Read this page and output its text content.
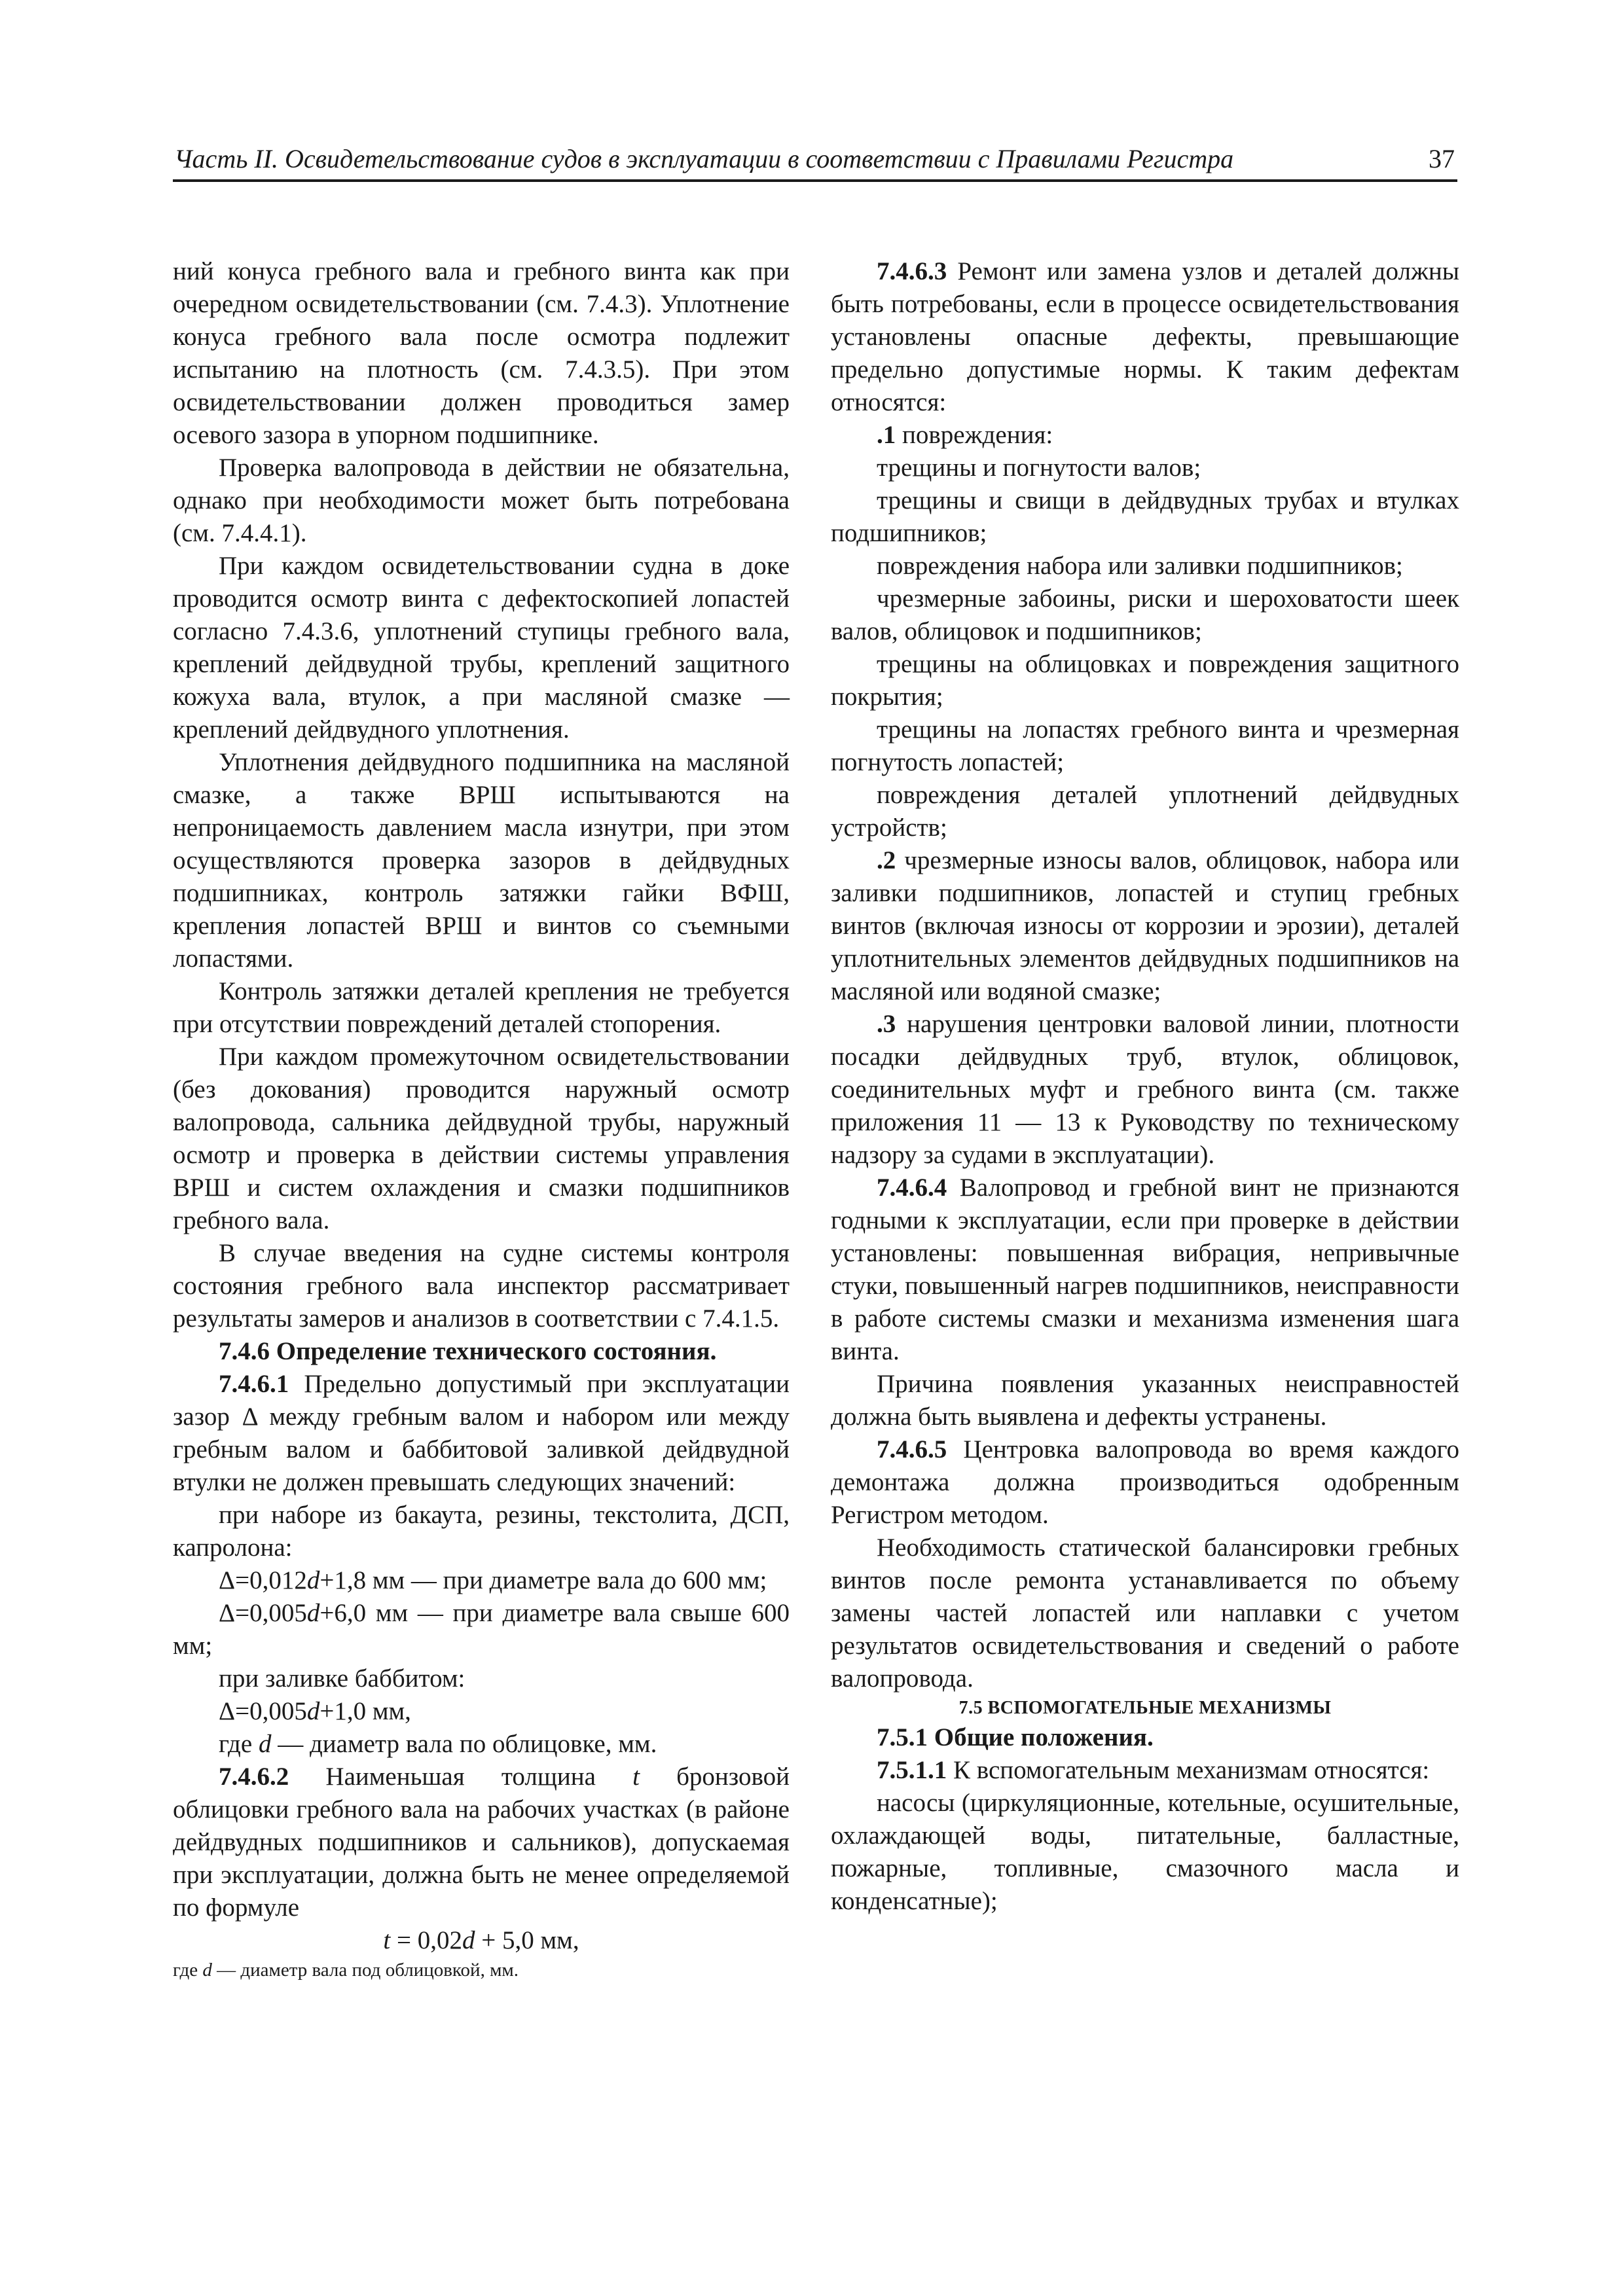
Часть II. Освидетельствование судов в эксплуатации в соответствии с Правилами Регистра	37

ний конуса гребного вала и гребного винта как при очередном освидетельствовании (см. 7.4.3). Уплотнение конуса гребного вала после осмотра подлежит испытанию на плотность (см. 7.4.3.5). При этом освидетельствовании должен проводиться замер осевого зазора в упорном подшипнике.

Проверка валопровода в действии не обязательна, однако при необходимости может быть потребована (см. 7.4.4.1).

При каждом освидетельствовании судна в доке проводится осмотр винта с дефектоскопией лопастей согласно 7.4.3.6, уплотнений ступицы гребного вала, креплений дейдвудной трубы, креплений защитного кожуха вала, втулок, а при масляной смазке — креплений дейдвудного уплотнения.

Уплотнения дейдвудного подшипника на масляной смазке, а также ВРШ испытываются на непроницаемость давлением масла изнутри, при этом осуществляются проверка зазоров в дейдвудных подшипниках, контроль затяжки гайки ВФШ, крепления лопастей ВРШ и винтов со съемными лопастями.

Контроль затяжки деталей крепления не требуется при отсутствии повреждений деталей стопорения.

При каждом промежуточном освидетельствовании (без докования) проводится наружный осмотр валопровода, сальника дейдвудной трубы, наружный осмотр и проверка в действии системы управления ВРШ и систем охлаждения и смазки подшипников гребного вала.

В случае введения на судне системы контроля состояния гребного вала инспектор рассматривает результаты замеров и анализов в соответствии с 7.4.1.5.

7.4.6 Определение технического состояния.

7.4.6.1 Предельно допустимый при эксплуатации зазор Δ между гребным валом и набором или между гребным валом и баббитовой заливкой дейдвудной втулки не должен превышать следующих значений:

при наборе из бакаута, резины, текстолита, ДСП, капролона:

Δ=0,012d+1,8 мм — при диаметре вала до 600 мм;

Δ=0,005d+6,0 мм — при диаметре вала свыше 600 мм;

при заливке баббитом:

Δ=0,005d+1,0 мм,

где d — диаметр вала по облицовке, мм.

7.4.6.2 Наименьшая толщина t бронзовой облицовки гребного вала на рабочих участках (в районе дейдвудных подшипников и сальников), допускаемая при эксплуатации, должна быть не менее определяемой по формуле

t = 0,02d + 5,0 мм,

где d — диаметр вала под облицовкой, мм.

7.4.6.3 Ремонт или замена узлов и деталей должны быть потребованы, если в процессе освидетельствования установлены опасные дефекты, превышающие предельно допустимые нормы. К таким дефектам относятся:

.1 повреждения:

трещины и погнутости валов;

трещины и свищи в дейдвудных трубах и втулках подшипников;

повреждения набора или заливки подшипников;

чрезмерные забоины, риски и шероховатости шеек валов, облицовок и подшипников;

трещины на облицовках и повреждения защитного покрытия;

трещины на лопастях гребного винта и чрезмерная погнутость лопастей;

повреждения деталей уплотнений дейдвудных устройств;

.2 чрезмерные износы валов, облицовок, набора или заливки подшипников, лопастей и ступиц гребных винтов (включая износы от коррозии и эрозии), деталей уплотнительных элементов дейдвудных подшипников на масляной или водяной смазке;

.3 нарушения центровки валовой линии, плотности посадки дейдвудных труб, втулок, облицовок, соединительных муфт и гребного винта (см. также приложения 11 — 13 к Руководству по техническому надзору за судами в эксплуатации).

7.4.6.4 Валопровод и гребной винт не признаются годными к эксплуатации, если при проверке в действии установлены: повышенная вибрация, непривычные стуки, повышенный нагрев подшипников, неисправности в работе системы смазки и механизма изменения шага винта.

Причина появления указанных неисправностей должна быть выявлена и дефекты устранены.

7.4.6.5 Центровка валопровода во время каждого демонтажа должна производиться одобренным Регистром методом.

Необходимость статической балансировки гребных винтов после ремонта устанавливается по объему замены частей лопастей или наплавки с учетом результатов освидетельствования и сведений о работе валопровода.

7.5 ВСПОМОГАТЕЛЬНЫЕ МЕХАНИЗМЫ

7.5.1 Общие положения.

7.5.1.1 К вспомогательным механизмам относятся:

насосы (циркуляционные, котельные, осушительные, охлаждающей воды, питательные, балластные, пожарные, топливные, смазочного масла и конденсатные);
